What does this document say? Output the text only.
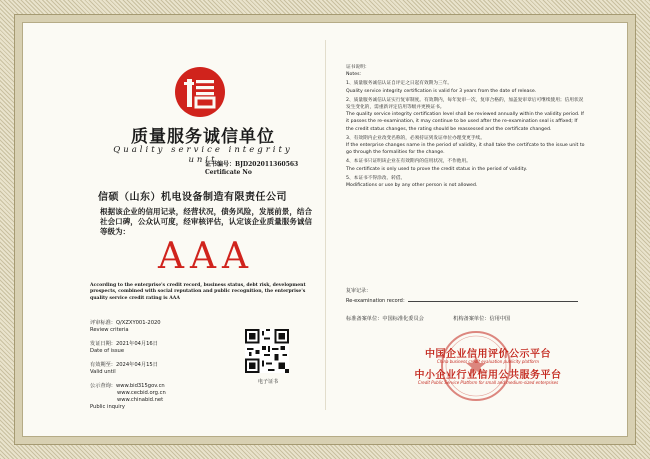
质量服务诚信单位
Quality service integrity unit
证书编号：BJD202011360563
Certificate No
信硕（山东）机电设备制造有限责任公司
根据该企业的信用记录，经营状况，债务风险，发展前景，结合社会口碑，公众认可度，经审核评估，认定该企业质量服务诚信等级为：
AAA
According to the enterprise's credit record, business status, debt risk, development prospects, combined with social reputation and public recognition, the enterprise's quality service credit rating is AAA
评审标准：Q/XZXY001-2020
Review criteria
发证日期：2021年04月16日
Date of issue
有效期至：2024年04月15日
Valid until
公示查询：www.bid315gov.cn
www.cecbid.org.cn
www.chinabid.net
Public inquiry
电子证书

证书说明：

Notes：

1、质量服务诚信认证自评定之日起有效期为三年。

Quality service integrity certification is valid for 3 years from the date of release.

2、质量服务诚信认证实行复审制度。有效期内，每年复审一次，复审合格的，加盖复审章后可继续使用；信用状况发生变化的，需重新评定信用等级并更换证书。

The quality service integrity certification level shall be reviewed annually within the validity period. If it passes the re-examination, it may continue to be used after the re-examination seal is affixed; If the credit status changes, the rating should be reassessed and the certificate changed.

3、有效期内企业改变名称的，必须持证到发证单位办理变更手续。

If the enterprise changes name in the period of validity, it shall take the certifcate to the issue unit to go through the formalities for the change.

4、本证书只证明该企业在有效期内的信用状况，不作他用。

The certificate is only used to prove the credit status in the period of validity.

5、本证书不得涂改、转借。

Modifications or use by any other person is not allowed.

复审记录：
Re-examination record：
标准备案单位：中国标准化委员会	机构备案单位：信用中国
中国企业信用评价公示平台
China business credit evaluation publicity platform
中小企业行业信用公共服务平台
Credit Public Service Platform for small and medium-sized enterprises
